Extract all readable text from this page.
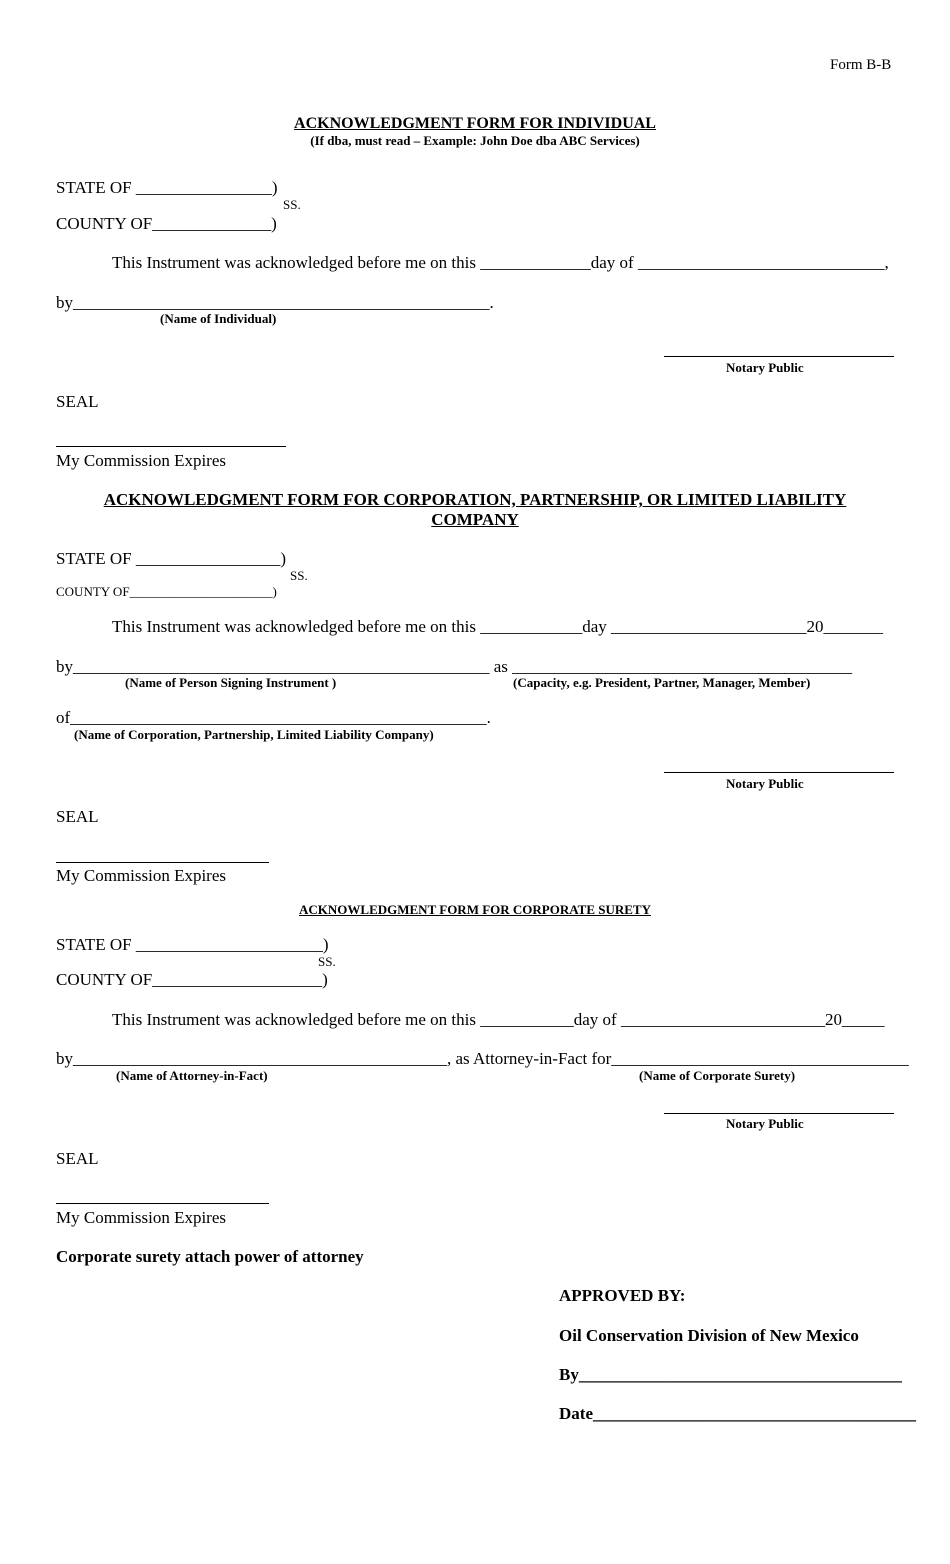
Form B-B
ACKNOWLEDGMENT FORM FOR INDIVIDUAL
(If dba, must read – Example: John Doe dba ABC Services)
STATE OF ________________)
SS.
COUNTY OF______________)
This Instrument was acknowledged before me on this _____________day of _____________________________,
by_________________________________________________.
(Name of Individual)
Notary Public
SEAL
My Commission Expires
ACKNOWLEDGMENT FORM FOR CORPORATION, PARTNERSHIP, OR LIMITED LIABILITY
COMPANY
STATE OF _________________)
SS.
COUNTY OF______________________)
This Instrument was acknowledged before me on this ____________day _______________________20_______
by_________________________________________________ as ________________________________________
(Name of Person Signing Instrument )	(Capacity, e.g. President, Partner, Manager, Member)
of_________________________________________________.
(Name of Corporation, Partnership, Limited Liability Company)
Notary Public
SEAL
My Commission Expires
ACKNOWLEDGMENT FORM FOR CORPORATE SURETY
STATE OF ______________________)
SS.
COUNTY OF____________________)
This Instrument was acknowledged before me on this ___________day of ________________________20_____
by____________________________________________, as Attorney-in-Fact for___________________________________
(Name of Attorney-in-Fact)	(Name of Corporate Surety)
Notary Public
SEAL
My Commission Expires
Corporate surety attach power of attorney
APPROVED BY:
Oil Conservation Division of New Mexico
By______________________________________
Date______________________________________
